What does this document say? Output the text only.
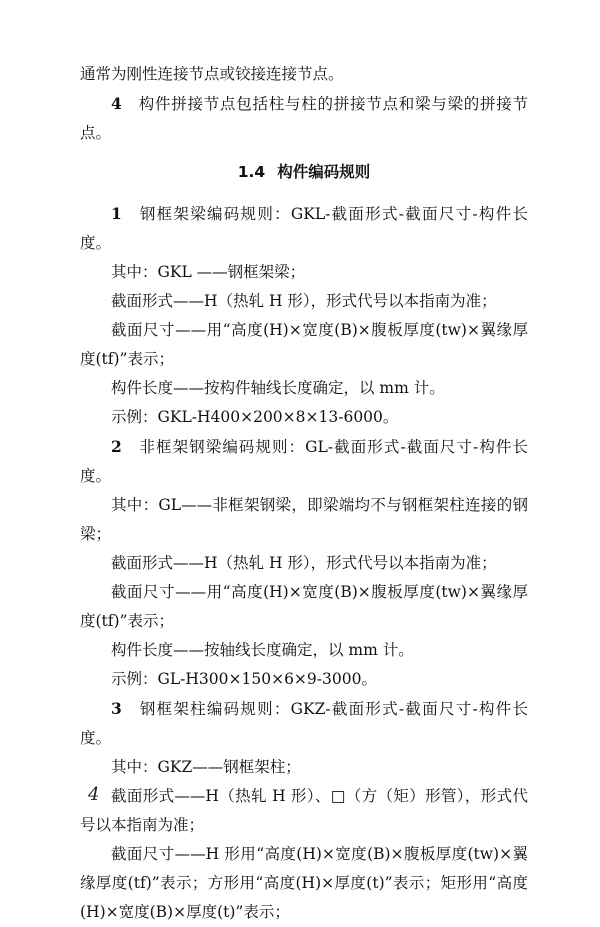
通常为刚性连接节点或铰接连接节点。

4　 构件拼接节点包括柱与柱的拼接节点和梁与梁的拼接节点。

1.4 构件编码规则

1　 钢框架梁编码规则：GKL-截面形式-截面尺寸-构件长度。

其中：GKL ——钢框架梁；

截面形式——H（热轧 H 形），形式代号以本指南为准；

截面尺寸——用“高度(H)×宽度(B)×腹板厚度(tw)×翼缘厚度(tf)”表示；

构件长度——按构件轴线长度确定，以 mm 计。

示例：GKL-H400×200×8×13-6000。

2　 非框架钢梁编码规则：GL-截面形式-截面尺寸-构件长度。

其中：GL——非框架钢梁，即梁端均不与钢框架柱连接的钢梁；

截面形式——H（热轧 H 形），形式代号以本指南为准；

截面尺寸——用“高度(H)×宽度(B)×腹板厚度(tw)×翼缘厚度(tf)”表示；

构件长度——按轴线长度确定，以 mm 计。

示例：GL-H300×150×6×9-3000。

3　 钢框架柱编码规则：GKZ-截面形式-截面尺寸-构件长度。

其中：GKZ——钢框架柱；

截面形式——H（热轧 H 形）、□（方（矩）形管），形式代号以本指南为准；

截面尺寸——H 形用“高度(H)×宽度(B)×腹板厚度(tw)×翼缘厚度(tf)”表示；方形用“高度(H)×厚度(t)”表示；矩形用“高度(H)×宽度(B)×厚度(t)”表示；

4
